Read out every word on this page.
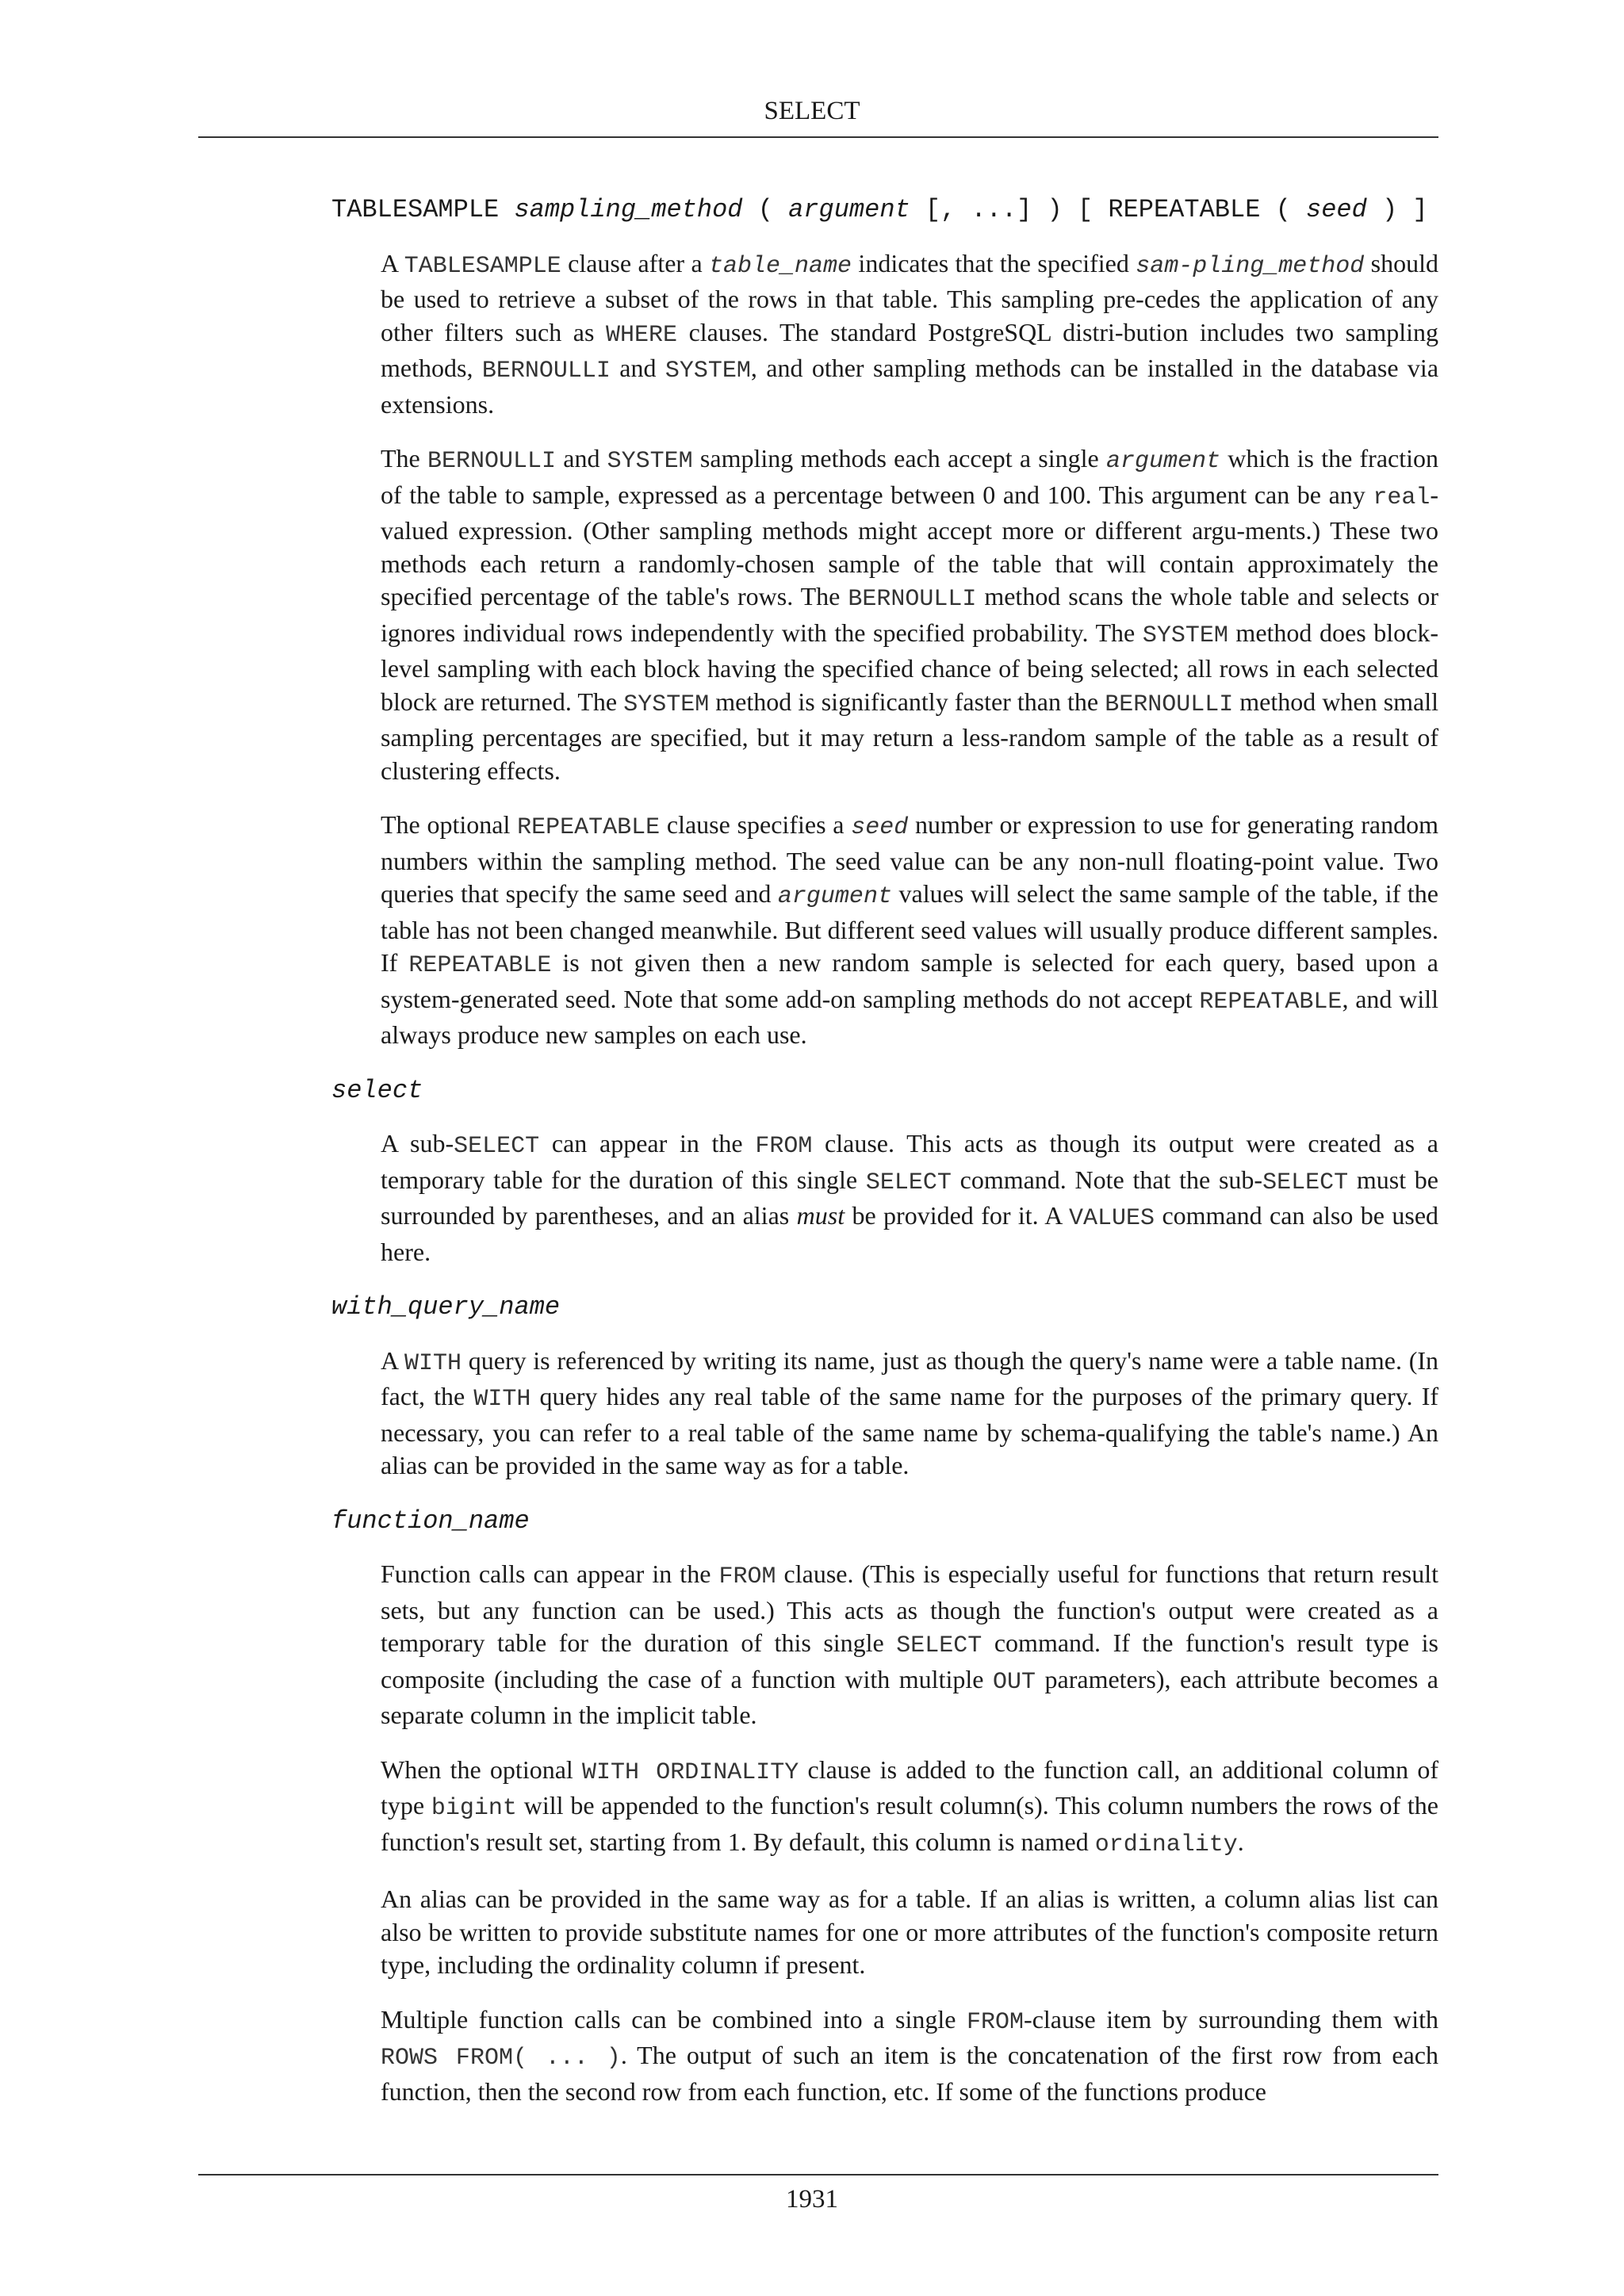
SELECT
TABLESAMPLE sampling_method ( argument [, ...] ) [ REPEATABLE ( seed ) ]

A TABLESAMPLE clause after a table_name indicates that the specified sam-pling_method should be used to retrieve a subset of the rows in that table. This sampling pre-cedes the application of any other filters such as WHERE clauses. The standard PostgreSQL distri-bution includes two sampling methods, BERNOULLI and SYSTEM, and other sampling methods can be installed in the database via extensions.

The BERNOULLI and SYSTEM sampling methods each accept a single argument which is the fraction of the table to sample, expressed as a percentage between 0 and 100. This argument can be any real-valued expression. (Other sampling methods might accept more or different argu-ments.) These two methods each return a randomly-chosen sample of the table that will contain approximately the specified percentage of the table's rows. The BERNOULLI method scans the whole table and selects or ignores individual rows independently with the specified probability. The SYSTEM method does block-level sampling with each block having the specified chance of being selected; all rows in each selected block are returned. The SYSTEM method is significantly faster than the BERNOULLI method when small sampling percentages are specified, but it may return a less-random sample of the table as a result of clustering effects.

The optional REPEATABLE clause specifies a seed number or expression to use for generating random numbers within the sampling method. The seed value can be any non-null floating-point value. Two queries that specify the same seed and argument values will select the same sample of the table, if the table has not been changed meanwhile. But different seed values will usually produce different samples. If REPEATABLE is not given then a new random sample is selected for each query, based upon a system-generated seed. Note that some add-on sampling methods do not accept REPEATABLE, and will always produce new samples on each use.

select

A sub-SELECT can appear in the FROM clause. This acts as though its output were created as a temporary table for the duration of this single SELECT command. Note that the sub-SELECT must be surrounded by parentheses, and an alias must be provided for it. A VALUES command can also be used here.

with_query_name

A WITH query is referenced by writing its name, just as though the query's name were a table name. (In fact, the WITH query hides any real table of the same name for the purposes of the primary query. If necessary, you can refer to a real table of the same name by schema-qualifying the table's name.) An alias can be provided in the same way as for a table.

function_name

Function calls can appear in the FROM clause. (This is especially useful for functions that return result sets, but any function can be used.) This acts as though the function's output were created as a temporary table for the duration of this single SELECT command. If the function's result type is composite (including the case of a function with multiple OUT parameters), each attribute becomes a separate column in the implicit table.

When the optional WITH ORDINALITY clause is added to the function call, an additional column of type bigint will be appended to the function's result column(s). This column numbers the rows of the function's result set, starting from 1. By default, this column is named ordinality.

An alias can be provided in the same way as for a table. If an alias is written, a column alias list can also be written to provide substitute names for one or more attributes of the function's composite return type, including the ordinality column if present.

Multiple function calls can be combined into a single FROM-clause item by surrounding them with ROWS FROM( ... ). The output of such an item is the concatenation of the first row from each function, then the second row from each function, etc. If some of the functions produce

1931
